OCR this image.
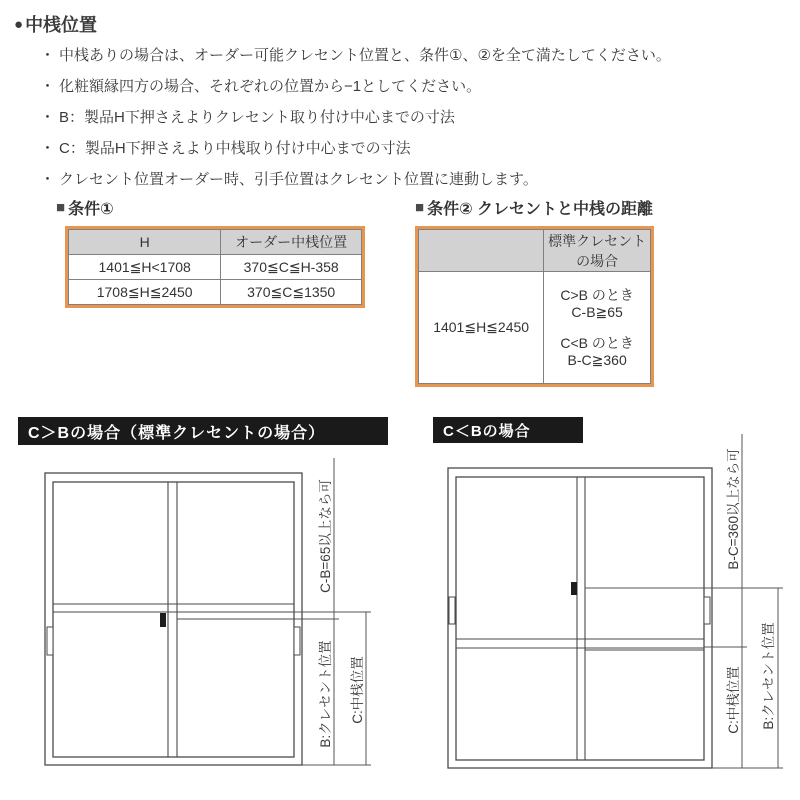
● 中桟位置
・ 中桟ありの場合は、オーダー可能クレセント位置と、条件①、②を全て満たしてください。
・ 化粧額縁四方の場合、それぞれの位置から−1としてください。
・ B：製品H下押さえよりクレセント取り付け中心までの寸法
・ C：製品H下押さえより中桟取り付け中心までの寸法
・ クレセント位置オーダー時、引手位置はクレセント位置に連動します。
■ 条件①
H	オーダー中桟位置
1401≦H<1708	370≦C≦H-358
1708≦H≦2450	370≦C≦1350
■ 条件② クレセントと中桟の距離

	標準クレセント
の場合

1401≦H≦2450	C>B のとき
C-B≧65
C<B のとき
B-C≧360
C＞Bの場合（標準クレセントの場合）	C＜Bの場合
C-B=65以上なら可
B:クレセント位置 C:中桟位置
B-C=360以上なら可
C:中桟位置 B:クレセント位置
